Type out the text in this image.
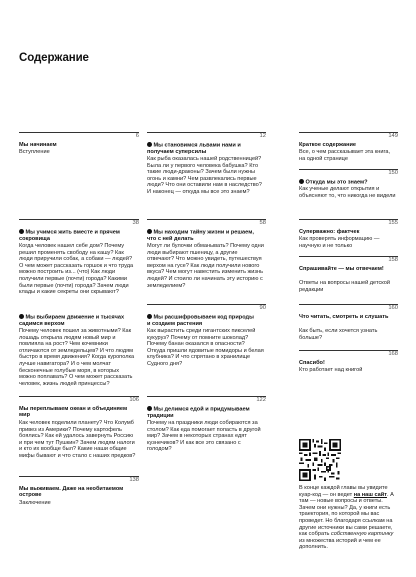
Содержание
6
Мы начинаем
Вступление
38
Мы учимся жить вместе и прячем сокровища
Когда человек нашел себе дом? Почему решил променять свободу на кашу? Как люди приручили собак, а собаки — людей? О чем может рассказать горшок и что труда можно построить из... (что) Как люди получили первые (почти) города? Какими были первые (почти) города? Зачем люди клады и какие секреты они скрывают?
Мы выбираем движение и тысячах садимся верхом
Почему человек пошел за животными? Как лошадь открыла людям новый мир и повлияла на рост? Чем кочевники отличаются от земледельцев? И что людям быстро в время движения? Когда курополка лучше навигатора? И о чем молчат бесконечные голубые моря, в которых можно поплавать? О чем может рассказать человек, жизнь людей принцессы?
106
Мы переплываем океан и объединяем мир
Как человек поделили планету? Что Колумб привез из Америки? Почему картофель боялись? Как ей удалось завернуть Россию и при чем тут Пушкин? Зачем людям налоги и кто их вообще был? Какие наши общие мифы бывают и что стало с наших предков?
138
Мы выживаем. Даже на необитаемом острове
Заключение
12
Мы становимся львами нами и получаем суперсилы
Как рыба оказалась нашей родственницей? Была ли у первого человека бабушка? Кто такие люди-драконы? Зачем были нужны огонь и камни? Чем развлекались первые люди? Что они оставили нам в наследство? И наконец — откуда мы все это знаем?
58
Мы находим тайну жизни и решаем, что с ней делать
Могут ли булочки обманывать? Почему одни люди выбирают пшеницу, а другие отвечают? Что можно увидеть, путешествуя верхом на гусе? Как люди получили нового вкуса? Чем могут навестить изменить жизнь людей? И стоило ли начинать эту историю с земледелием?
90
Мы расшифровываем код природы и создаем растения
Как вырастить среди гигантских пикселей кукуруз? Почему от помните шоколад? Почему банан оказался в опасности? Откуда пришли ядовитые помидоры и белая клубника? И что спрятано в хранилище Судного дня?
122
Мы делимся едой и придумываем традиции
Почему на праздники люди собираются за столом? Как еда помогает попасть в другой мир? Зачем в некоторых странах едят кузнечиков? И как все это связано с голодом?
149
Краткое содержание
Все, о чем рассказывает эта книга, на одной странице
150
Откуда мы это знаем?
Как ученые делают открытия и объясняют то, что никогда не видели
155
Суперважно: фактчек
Как проверять информацию — научную и не только
158
Спрашивайте — мы отвечаем!
Ответы на вопросы нашей детской редакции
160
Что читать, смотреть и слушать
Как быть, если хочется узнать больше?
168
Спасибо!
Кто работает над книгой
В конце каждой главы вы увидите куар-код — он ведет на наш сайт. А там — новые вопросы и ответы. Зачем они нужны? Да, у книги есть траектория, по которой мы вас проведет. Но благодаря ссылкам на другие источники вы сами решаете, как собрать собственную картинку из множества историй и чем ее дополнить.
